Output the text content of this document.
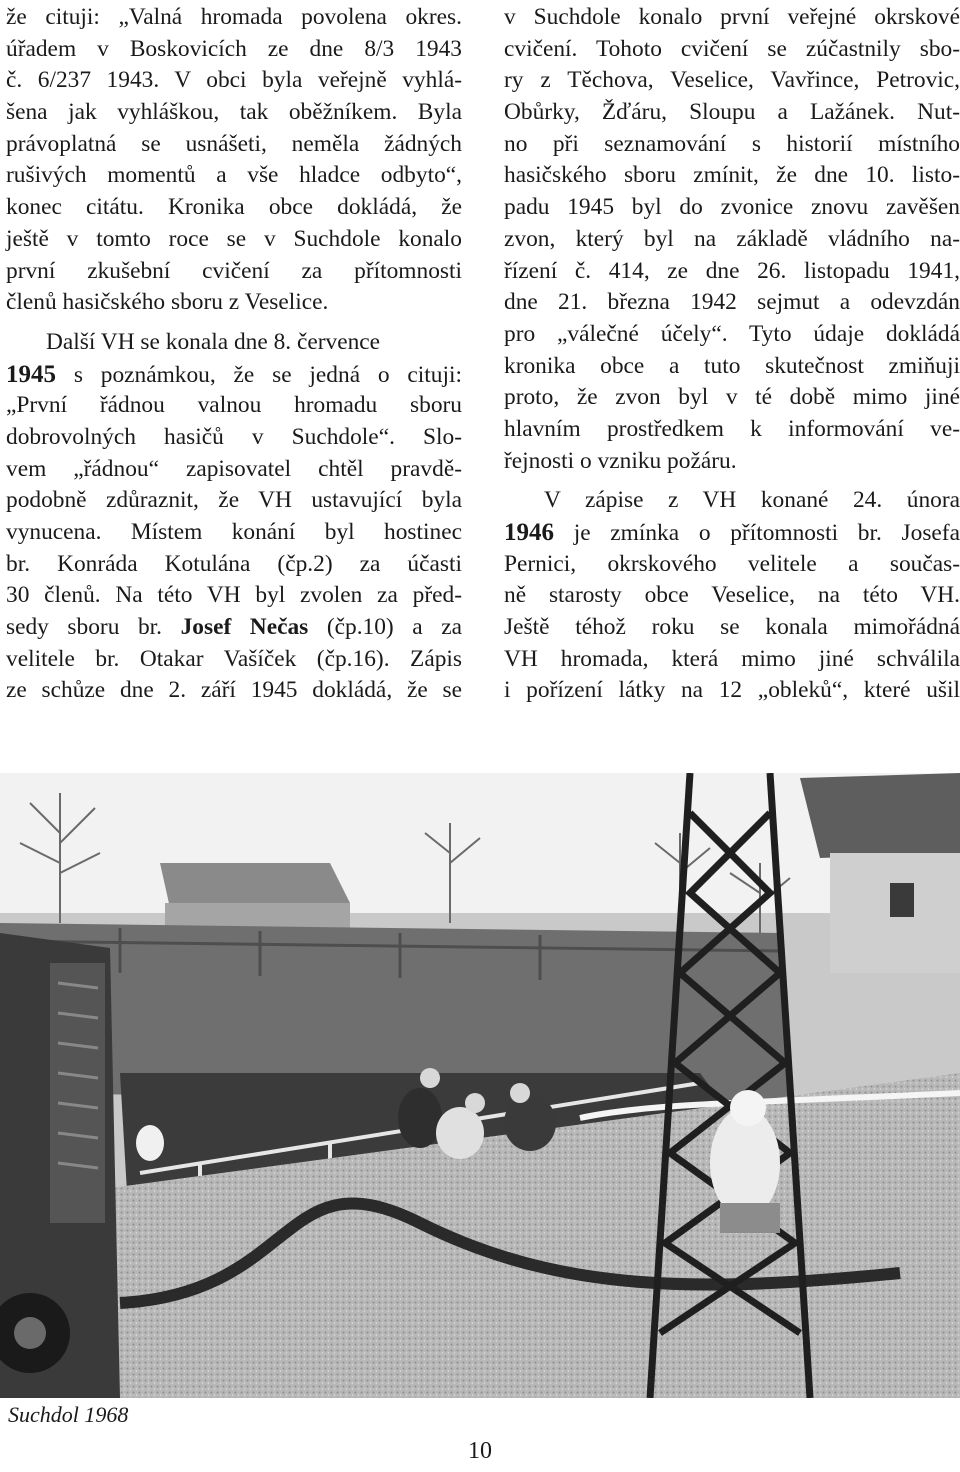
že cituji: „Valná hromada povolena okres.
úřadem v Boskovicích ze dne 8/3 1943
č. 6/237 1943. V obci byla veřejně vyhlá-
šena jak vyhláškou, tak oběžníkem. Byla
právoplatná se usnášeti, neměla žádných
rušivých momentů a vše hladce odbyto“,
konec citátu. Kronika obce dokládá, že
ještě v tomto roce se v Suchdole konalo
první zkušební cvičení za přítomnosti
členů hasičského sboru z Veselice.
Další VH se konala dne 8. července
1945 s poznámkou, že se jedná o cituji:
„První řádnou valnou hromadu sboru
dobrovolných hasičů v Suchdole“. Slo-
vem „řádnou“ zapisovatel chtěl pravdě-
podobně zdůraznit, že VH ustavující byla
vynucena. Místem konání byl hostinec
br. Konráda Kotulána (čp.2) za účasti
30 členů. Na této VH byl zvolen za před-
sedy sboru br. Josef Nečas (čp.10) a za
velitele br. Otakar Vašíček (čp.16). Zápis
ze schůze dne 2. září 1945 dokládá, že se
v Suchdole konalo první veřejné okrskové
cvičení. Tohoto cvičení se zúčastnily sbo-
ry z Těchova, Veselice, Vavřince, Petrovic,
Obůrky, Žďáru, Sloupu a Lažánek. Nut-
no při seznamování s historií místního
hasičského sboru zmínit, že dne 10. listo-
padu 1945 byl do zvonice znovu zavěšen
zvon, který byl na základě vládního na-
řízení č. 414, ze dne 26. listopadu 1941,
dne 21. března 1942 sejmut a odevzdán
pro „válečné účely“. Tyto údaje dokládá
kronika obce a tuto skutečnost zmiňuji
proto, že zvon byl v té době mimo jiné
hlavním prostředkem k informování ve-
řejnosti o vzniku požáru.
V zápise z VH konané 24. února
1946 je zmínka o přítomnosti br. Josefa
Pernici, okrskového velitele a součas-
ně starosty obce Veselice, na této VH.
Ještě téhož roku se konala mimořádná
VH hromada, která mimo jiné schválila
i pořízení látky na 12 „obleků“, které ušil
Suchdol 1968
10
